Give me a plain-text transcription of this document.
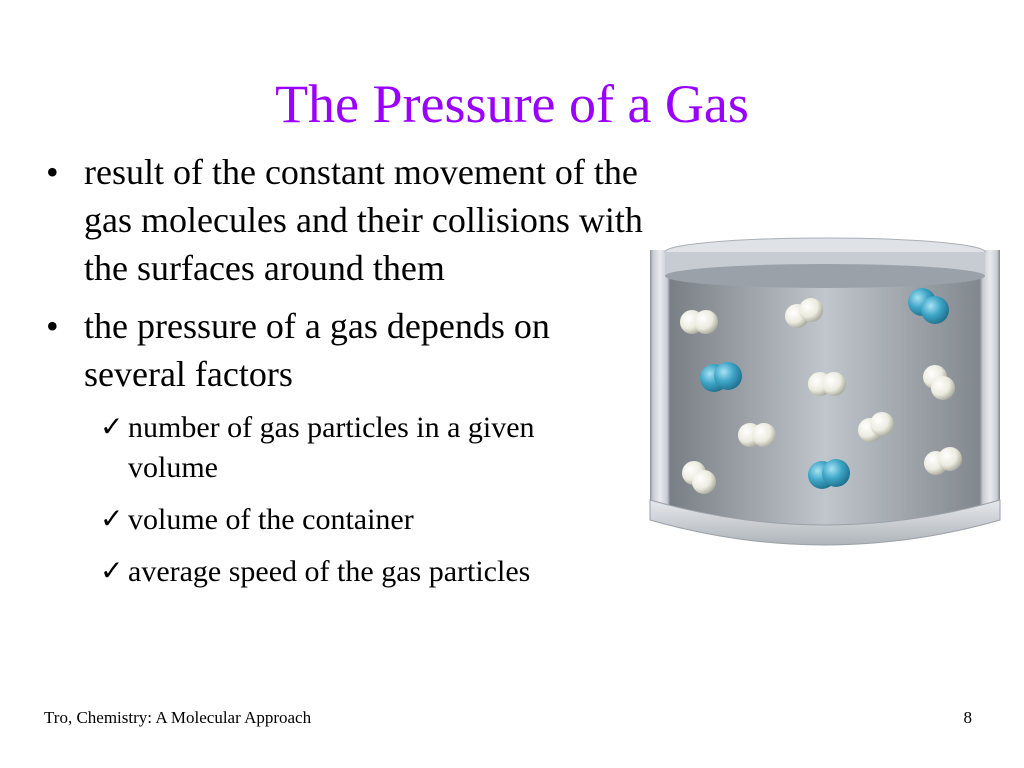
The Pressure of a Gas
• result of the constant movement of the gas molecules and their collisions with the surfaces around them
• the pressure of a gas depends on several factors
✓ number of gas particles in a given volume
✓ volume of the container
✓ average speed of the gas particles
Tro, Chemistry: A Molecular Approach	8
